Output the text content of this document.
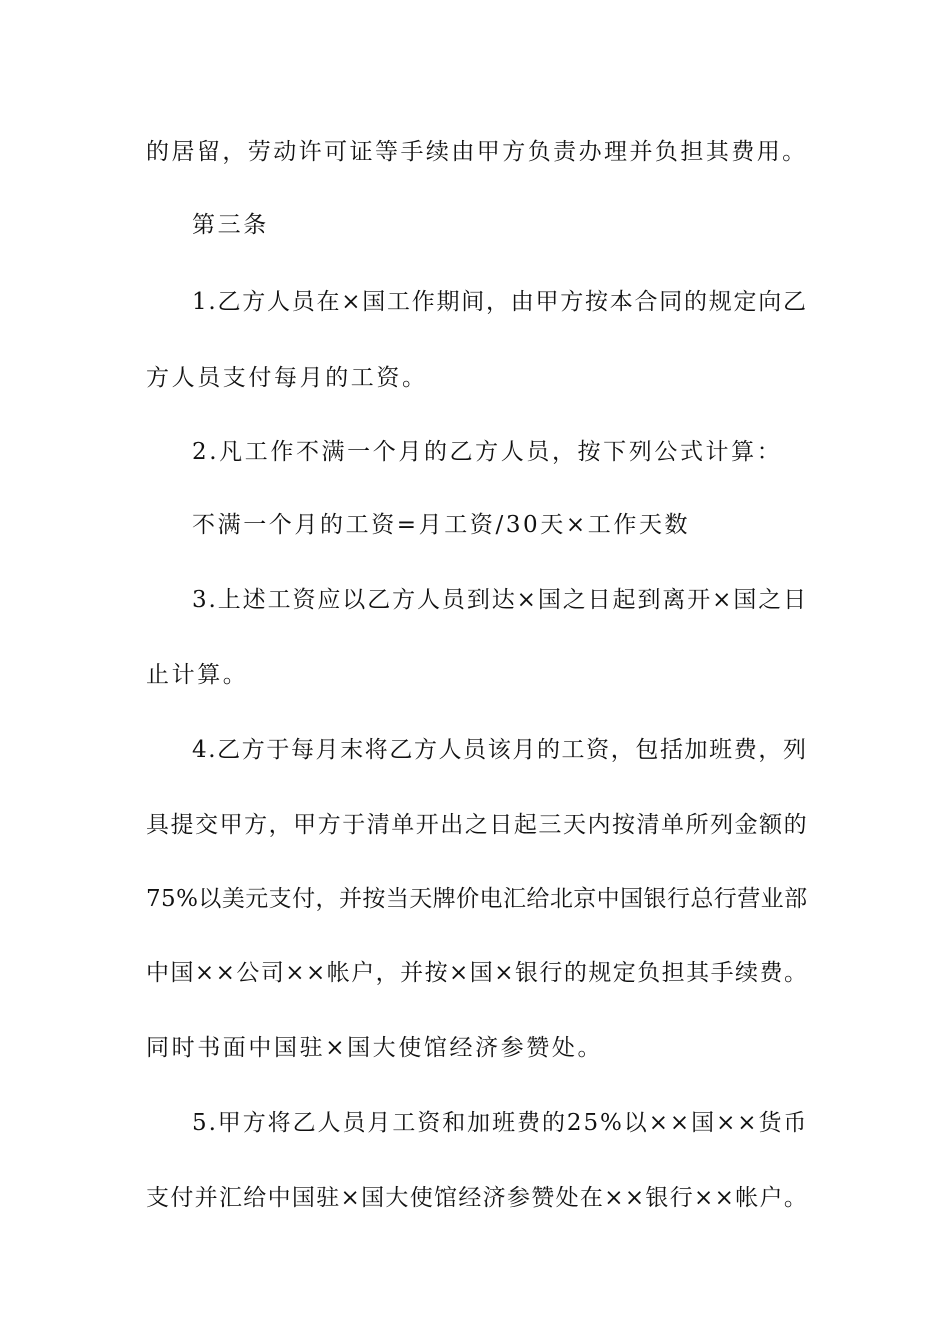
的居留，劳动许可证等手续由甲方负责办理并负担其费用。
第三条
1.乙方人员在×国工作期间，由甲方按本合同的规定向乙
方人员支付每月的工资。
2.凡工作不满一个月的乙方人员，按下列公式计算：
不满一个月的工资=月工资/30天×工作天数
3.上述工资应以乙方人员到达×国之日起到离开×国之日
止计算。
4.乙方于每月末将乙方人员该月的工资，包括加班费，列
具提交甲方，甲方于清单开出之日起三天内按清单所列金额的
75%以美元支付，并按当天牌价电汇给北京中国银行总行营业部
中国××公司××帐户，并按×国×银行的规定负担其手续费。
同时书面中国驻×国大使馆经济参赞处。
5.甲方将乙人员月工资和加班费的25%以××国××货币
支付并汇给中国驻×国大使馆经济参赞处在××银行××帐户。
